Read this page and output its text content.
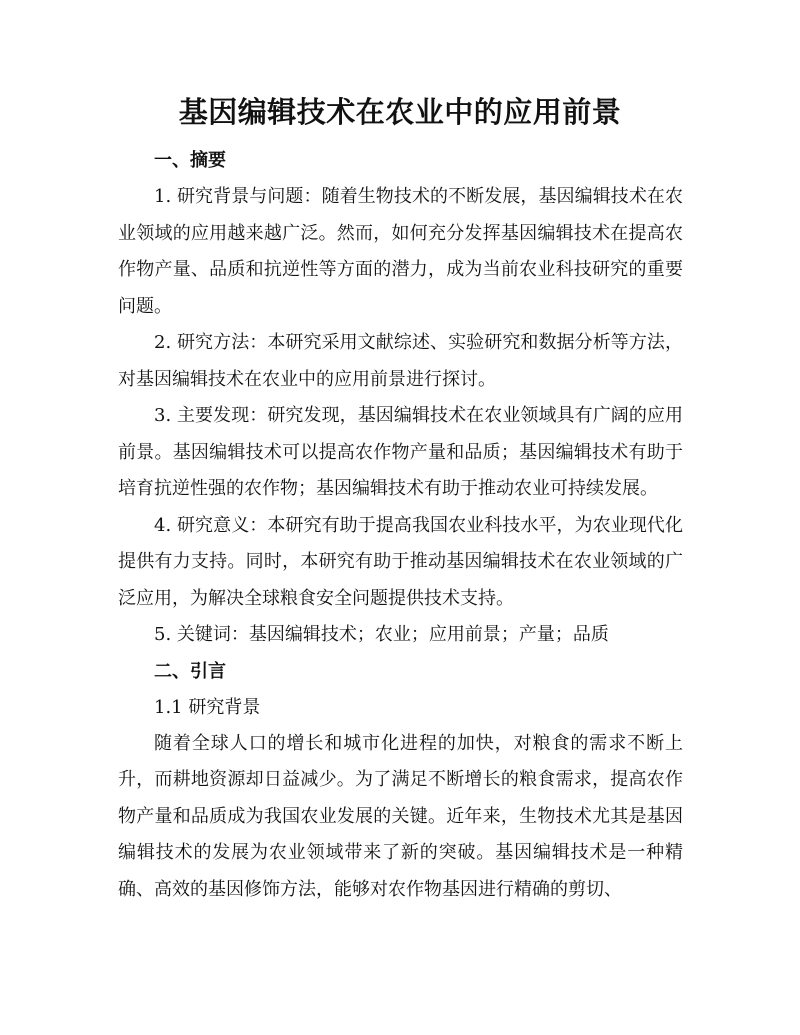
基因编辑技术在农业中的应用前景
一、摘要

1. 研究背景与问题：随着生物技术的不断发展，基因编辑技术在农业领域的应用越来越广泛。然而，如何充分发挥基因编辑技术在提高农作物产量、品质和抗逆性等方面的潜力，成为当前农业科技研究的重要问题。

2. 研究方法：本研究采用文献综述、实验研究和数据分析等方法，对基因编辑技术在农业中的应用前景进行探讨。

3. 主要发现：研究发现，基因编辑技术在农业领域具有广阔的应用前景。基因编辑技术可以提高农作物产量和品质；基因编辑技术有助于培育抗逆性强的农作物；基因编辑技术有助于推动农业可持续发展。

4. 研究意义：本研究有助于提高我国农业科技水平，为农业现代化提供有力支持。同时，本研究有助于推动基因编辑技术在农业领域的广泛应用，为解决全球粮食安全问题提供技术支持。

5. 关键词：基因编辑技术；农业；应用前景；产量；品质

二、引言
1.1 研究背景

随着全球人口的增长和城市化进程的加快，对粮食的需求不断上升，而耕地资源却日益减少。为了满足不断增长的粮食需求，提高农作物产量和品质成为我国农业发展的关键。近年来，生物技术尤其是基因编辑技术的发展为农业领域带来了新的突破。基因编辑技术是一种精确、高效的基因修饰方法，能够对农作物基因进行精确的剪切、
